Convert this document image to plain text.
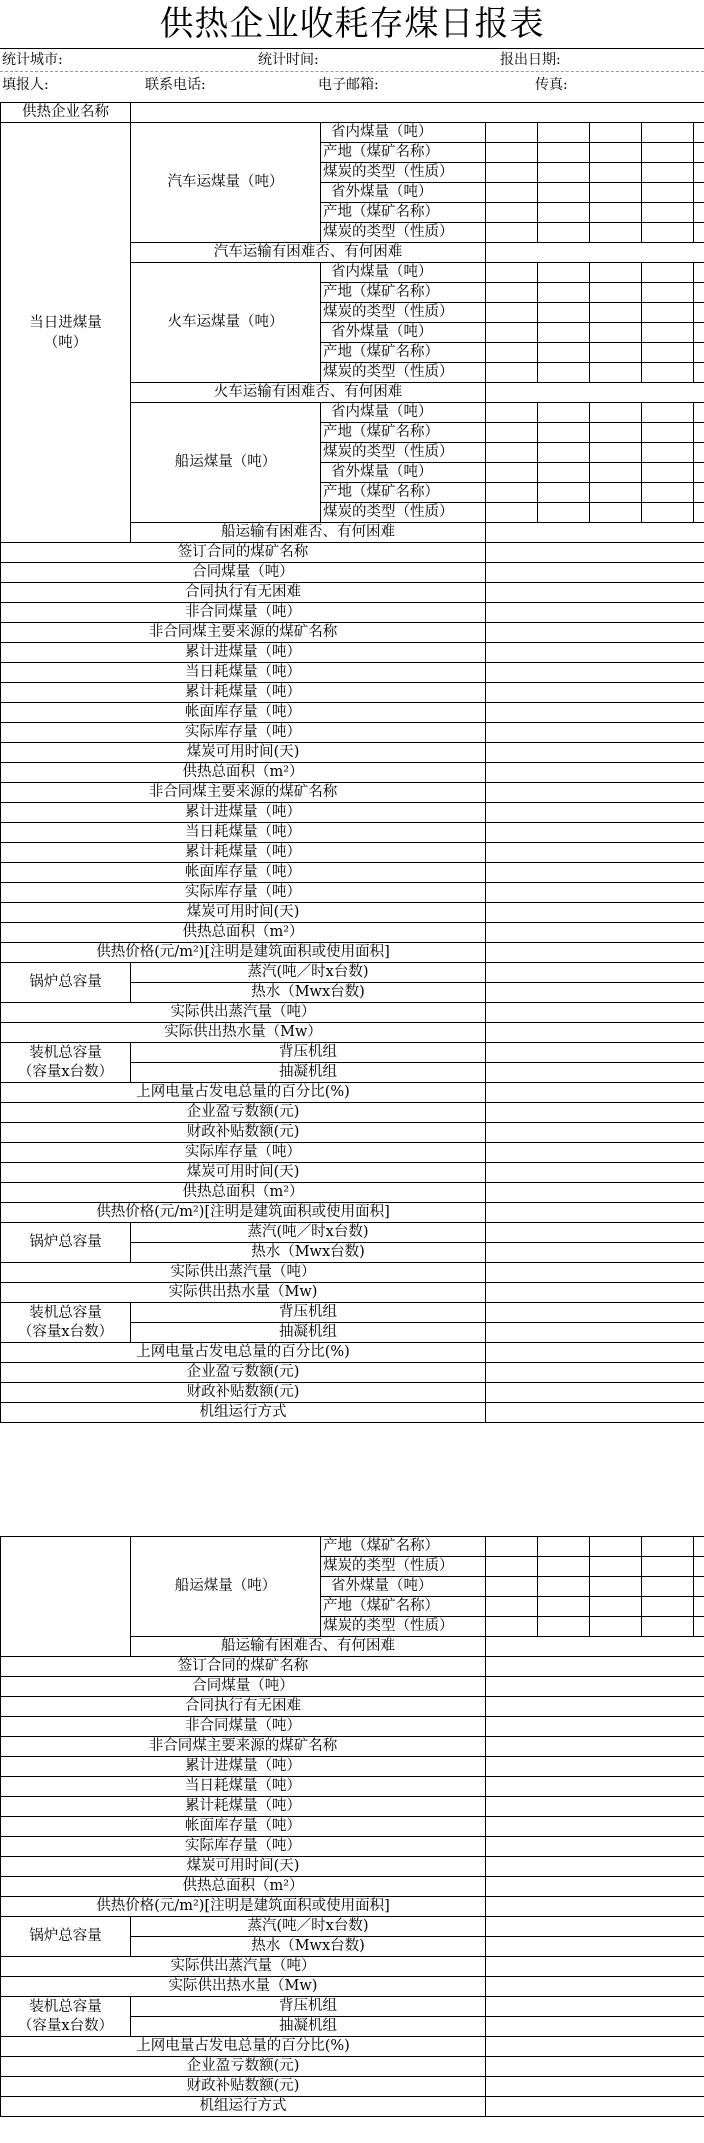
供热企业收耗存煤日报表
统计城市:	统计时间:	报出日期:
填报人:	联系电话:	电子邮箱:	传真:
供热企业名称							
当日进煤量
（吨）	汽车运煤量（吨）	省内煤量（吨）					
		产地（煤矿名称）					
		煤炭的类型（性质）					
		省外煤量（吨）					
		产地（煤矿名称）					
		煤炭的类型（性质）					
	汽车运输有困难否、有何困难						
	火车运煤量（吨）	省内煤量（吨）					
		产地（煤矿名称）					
		煤炭的类型（性质）					
		省外煤量（吨）					
		产地（煤矿名称）					
		煤炭的类型（性质）					
	火车运输有困难否、有何困难						
	船运煤量（吨）	省内煤量（吨）					
		产地（煤矿名称）					
		煤炭的类型（性质）					
		省外煤量（吨）					
		产地（煤矿名称）					
		煤炭的类型（性质）					
	船运输有困难否、有何困难						
签订合同的煤矿名称							
合同煤量（吨）							
合同执行有无困难							
非合同煤量（吨）							
非合同煤主要来源的煤矿名称							
累计进煤量（吨）							
当日耗煤量（吨）							
累计耗煤量（吨）							
帐面库存量（吨）							
实际库存量（吨）							
煤炭可用时间(天)							
供热总面积（m²）							
非合同煤主要来源的煤矿名称							
累计进煤量（吨）							
当日耗煤量（吨）							
累计耗煤量（吨）							
帐面库存量（吨）							
实际库存量（吨）							
煤炭可用时间(天)							
供热总面积（m²）							
供热价格(元/m²)[注明是建筑面积或使用面积]							
锅炉总容量	蒸汽(吨／时x台数)						
	热水（Mwx台数)						
实际供出蒸汽量（吨）							
实际供出热水量（Mw）							
装机总容量
（容量x台数）	背压机组						
	抽凝机组						
上网电量占发电总量的百分比(%)							
企业盈亏数额(元)							
财政补贴数额(元)							
实际库存量（吨）							
煤炭可用时间(天)							
供热总面积（m²）							
供热价格(元/m²)[注明是建筑面积或使用面积]							
锅炉总容量	蒸汽(吨／时x台数)						
	热水（Mwx台数)						
实际供出蒸汽量（吨）							
实际供出热水量（Mw)							
装机总容量
（容量x台数）	背压机组						
	抽凝机组						
上网电量占发电总量的百分比(%)							
企业盈亏数额(元)							
财政补贴数额(元)							
机组运行方式							
	船运煤量（吨）	产地（煤矿名称）					
		煤炭的类型（性质）					
		省外煤量（吨）					
		产地（煤矿名称）					
		煤炭的类型（性质）					
	船运输有困难否、有何困难						
签订合同的煤矿名称							
合同煤量（吨）							
合同执行有无困难							
非合同煤量（吨）							
非合同煤主要来源的煤矿名称							
累计进煤量（吨）							
当日耗煤量（吨）							
累计耗煤量（吨）							
帐面库存量（吨）							
实际库存量（吨）							
煤炭可用时间(天)							
供热总面积（m²）							
供热价格(元/m²)[注明是建筑面积或使用面积]							
锅炉总容量	蒸汽(吨／时x台数)						
	热水（Mwx台数)						
实际供出蒸汽量（吨）							
实际供出热水量（Mw)							
装机总容量
（容量x台数）	背压机组						
	抽凝机组						
上网电量占发电总量的百分比(%)							
企业盈亏数额(元)							
财政补贴数额(元)							
机组运行方式							
